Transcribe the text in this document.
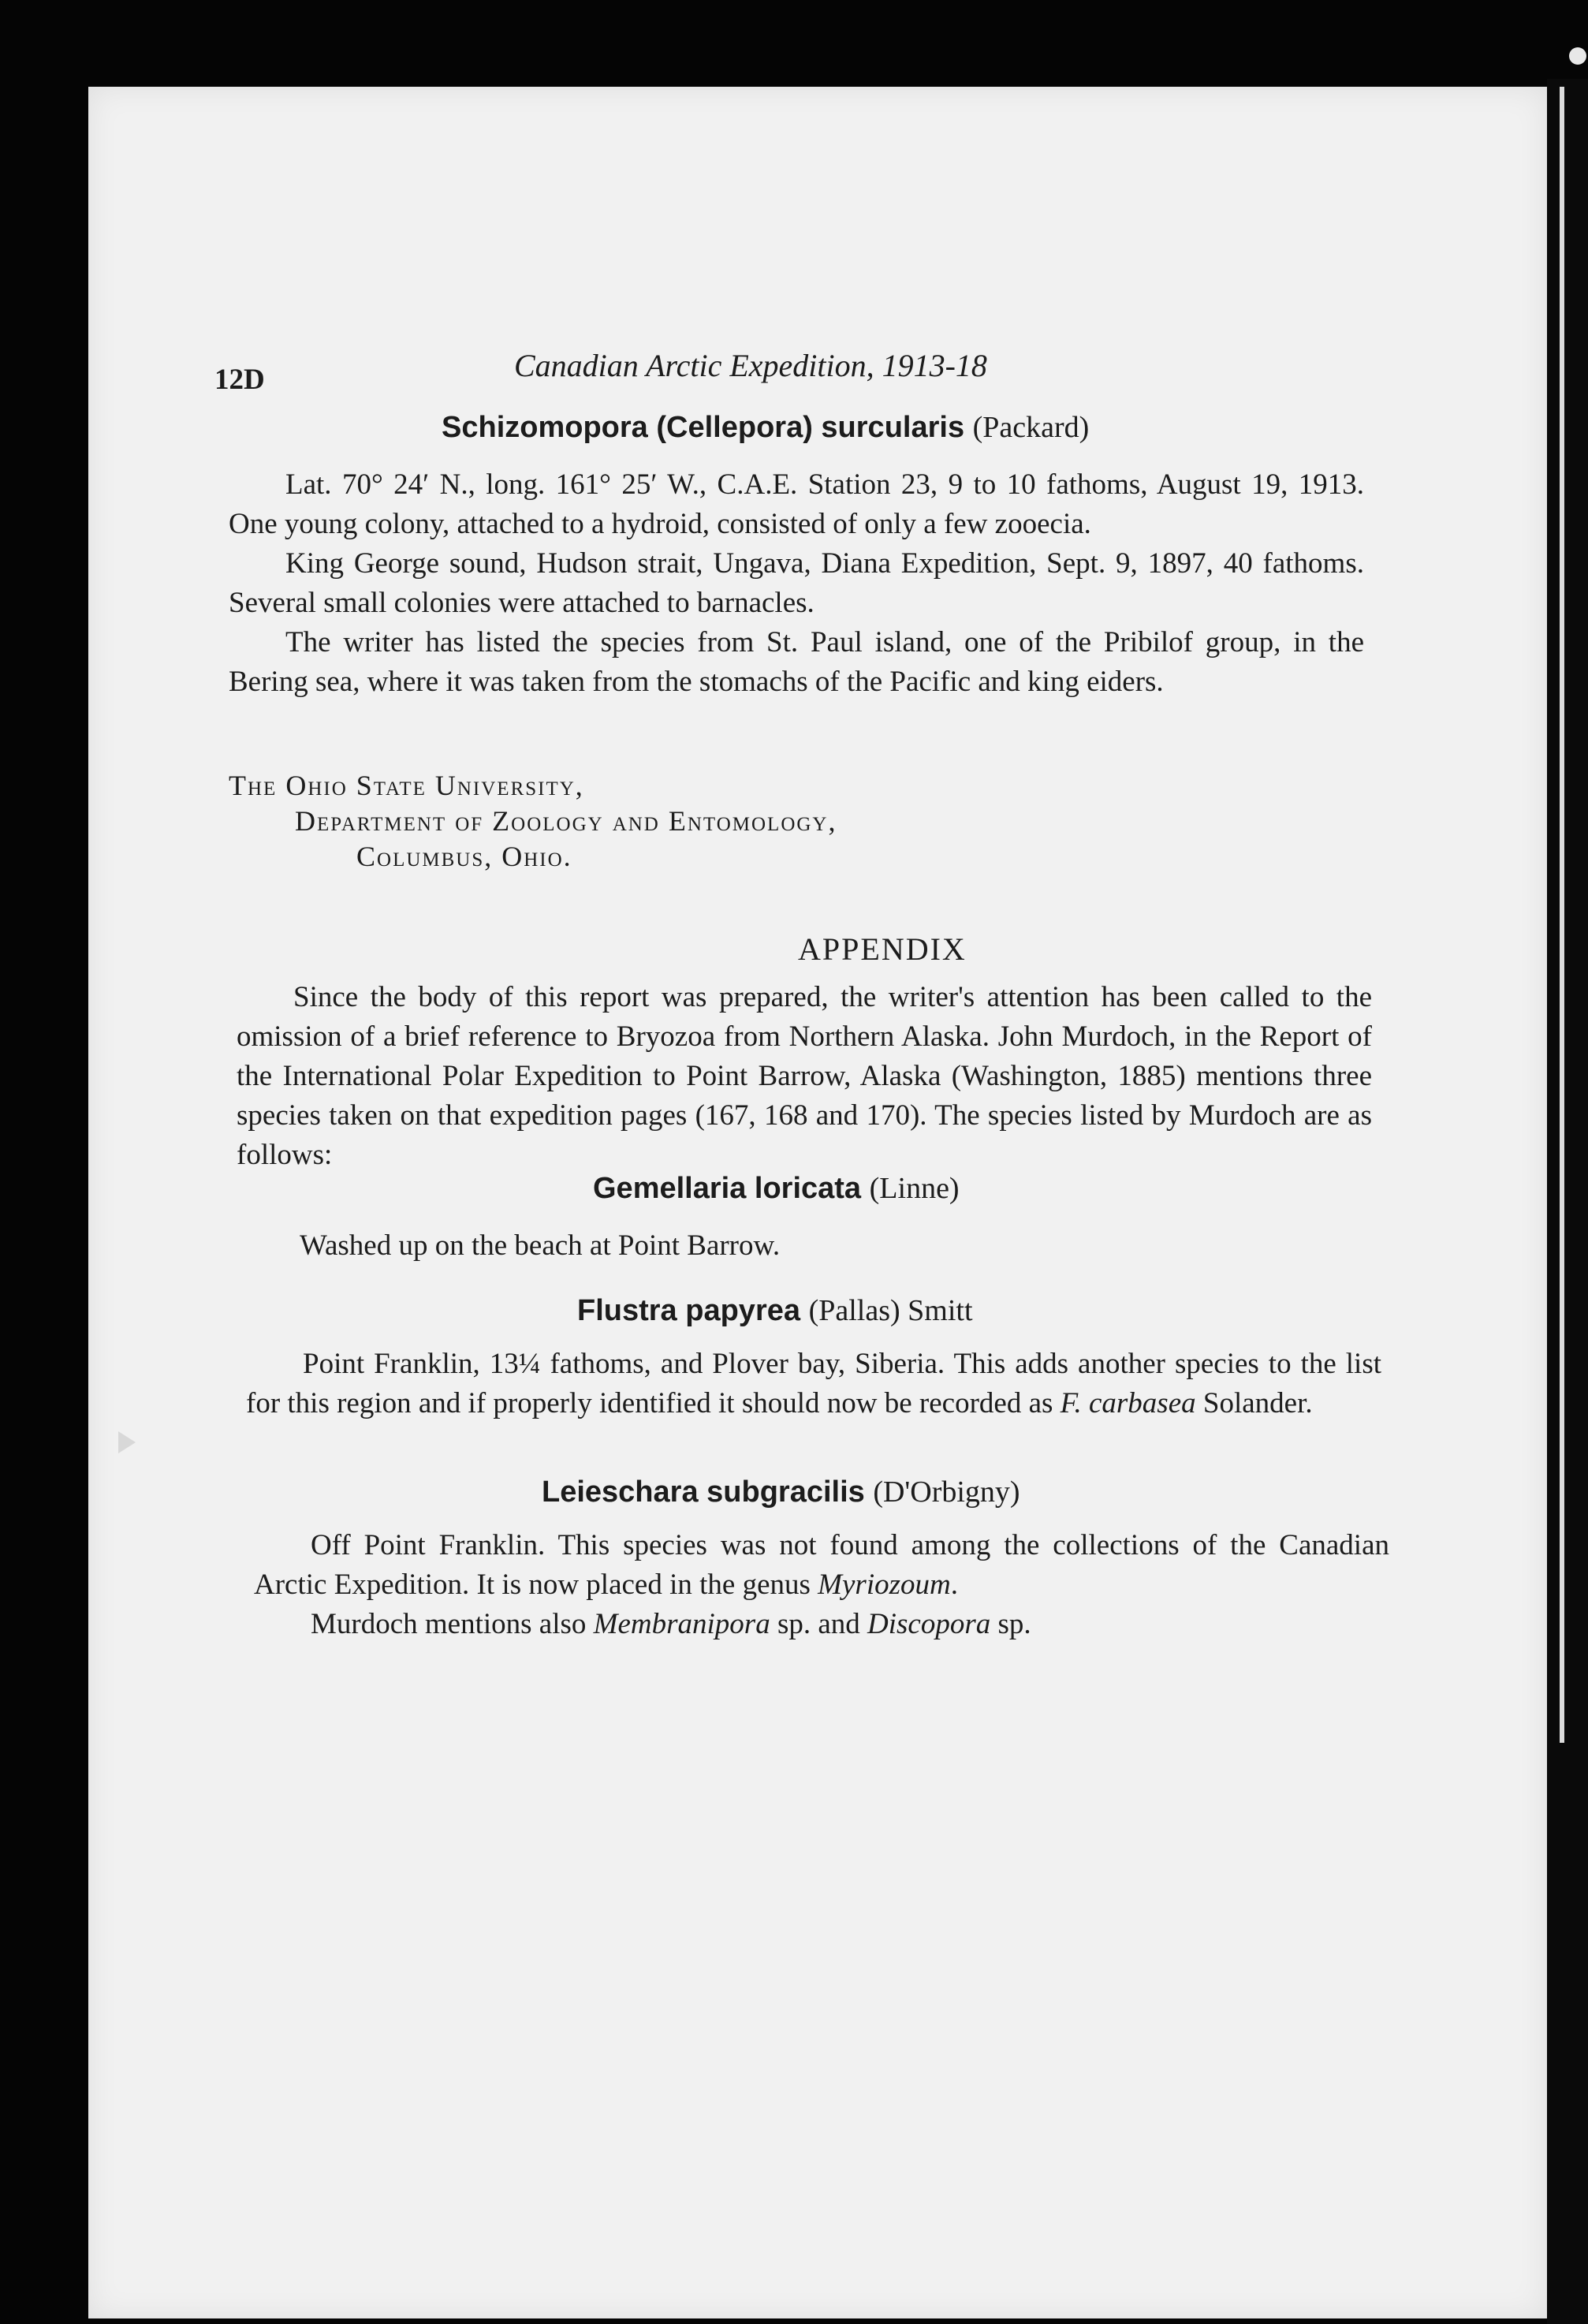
12D	Canadian Arctic Expedition, 1913-18
Schizomopora (Cellepora) surcularis (Packard)

Lat. 70° 24′ N., long. 161° 25′ W., C.A.E. Station 23, 9 to 10 fathoms, August 19, 1913. One young colony, attached to a hydroid, consisted of only a few zooecia.

King George sound, Hudson strait, Ungava, Diana Expedition, Sept. 9, 1897, 40 fathoms. Several small colonies were attached to barnacles.

The writer has listed the species from St. Paul island, one of the Pribilof group, in the Bering sea, where it was taken from the stomachs of the Pacific and king eiders.

The Ohio State University,
Department of Zoology and Entomology,
Columbus, Ohio.
APPENDIX

Since the body of this report was prepared, the writer's attention has been called to the omission of a brief reference to Bryozoa from Northern Alaska. John Murdoch, in the Report of the International Polar Expedition to Point Barrow, Alaska (Washington, 1885) mentions three species taken on that expedition pages (167, 168 and 170). The species listed by Murdoch are as follows:

Gemellaria loricata (Linne)

Washed up on the beach at Point Barrow.

Flustra papyrea (Pallas) Smitt

Point Franklin, 13¼ fathoms, and Plover bay, Siberia. This adds another species to the list for this region and if properly identified it should now be recorded as F. carbasea Solander.

Leieschara subgracilis (D'Orbigny)

Off Point Franklin. This species was not found among the collections of the Canadian Arctic Expedition. It is now placed in the genus Myriozoum.

Murdoch mentions also Membranipora sp. and Discopora sp.
